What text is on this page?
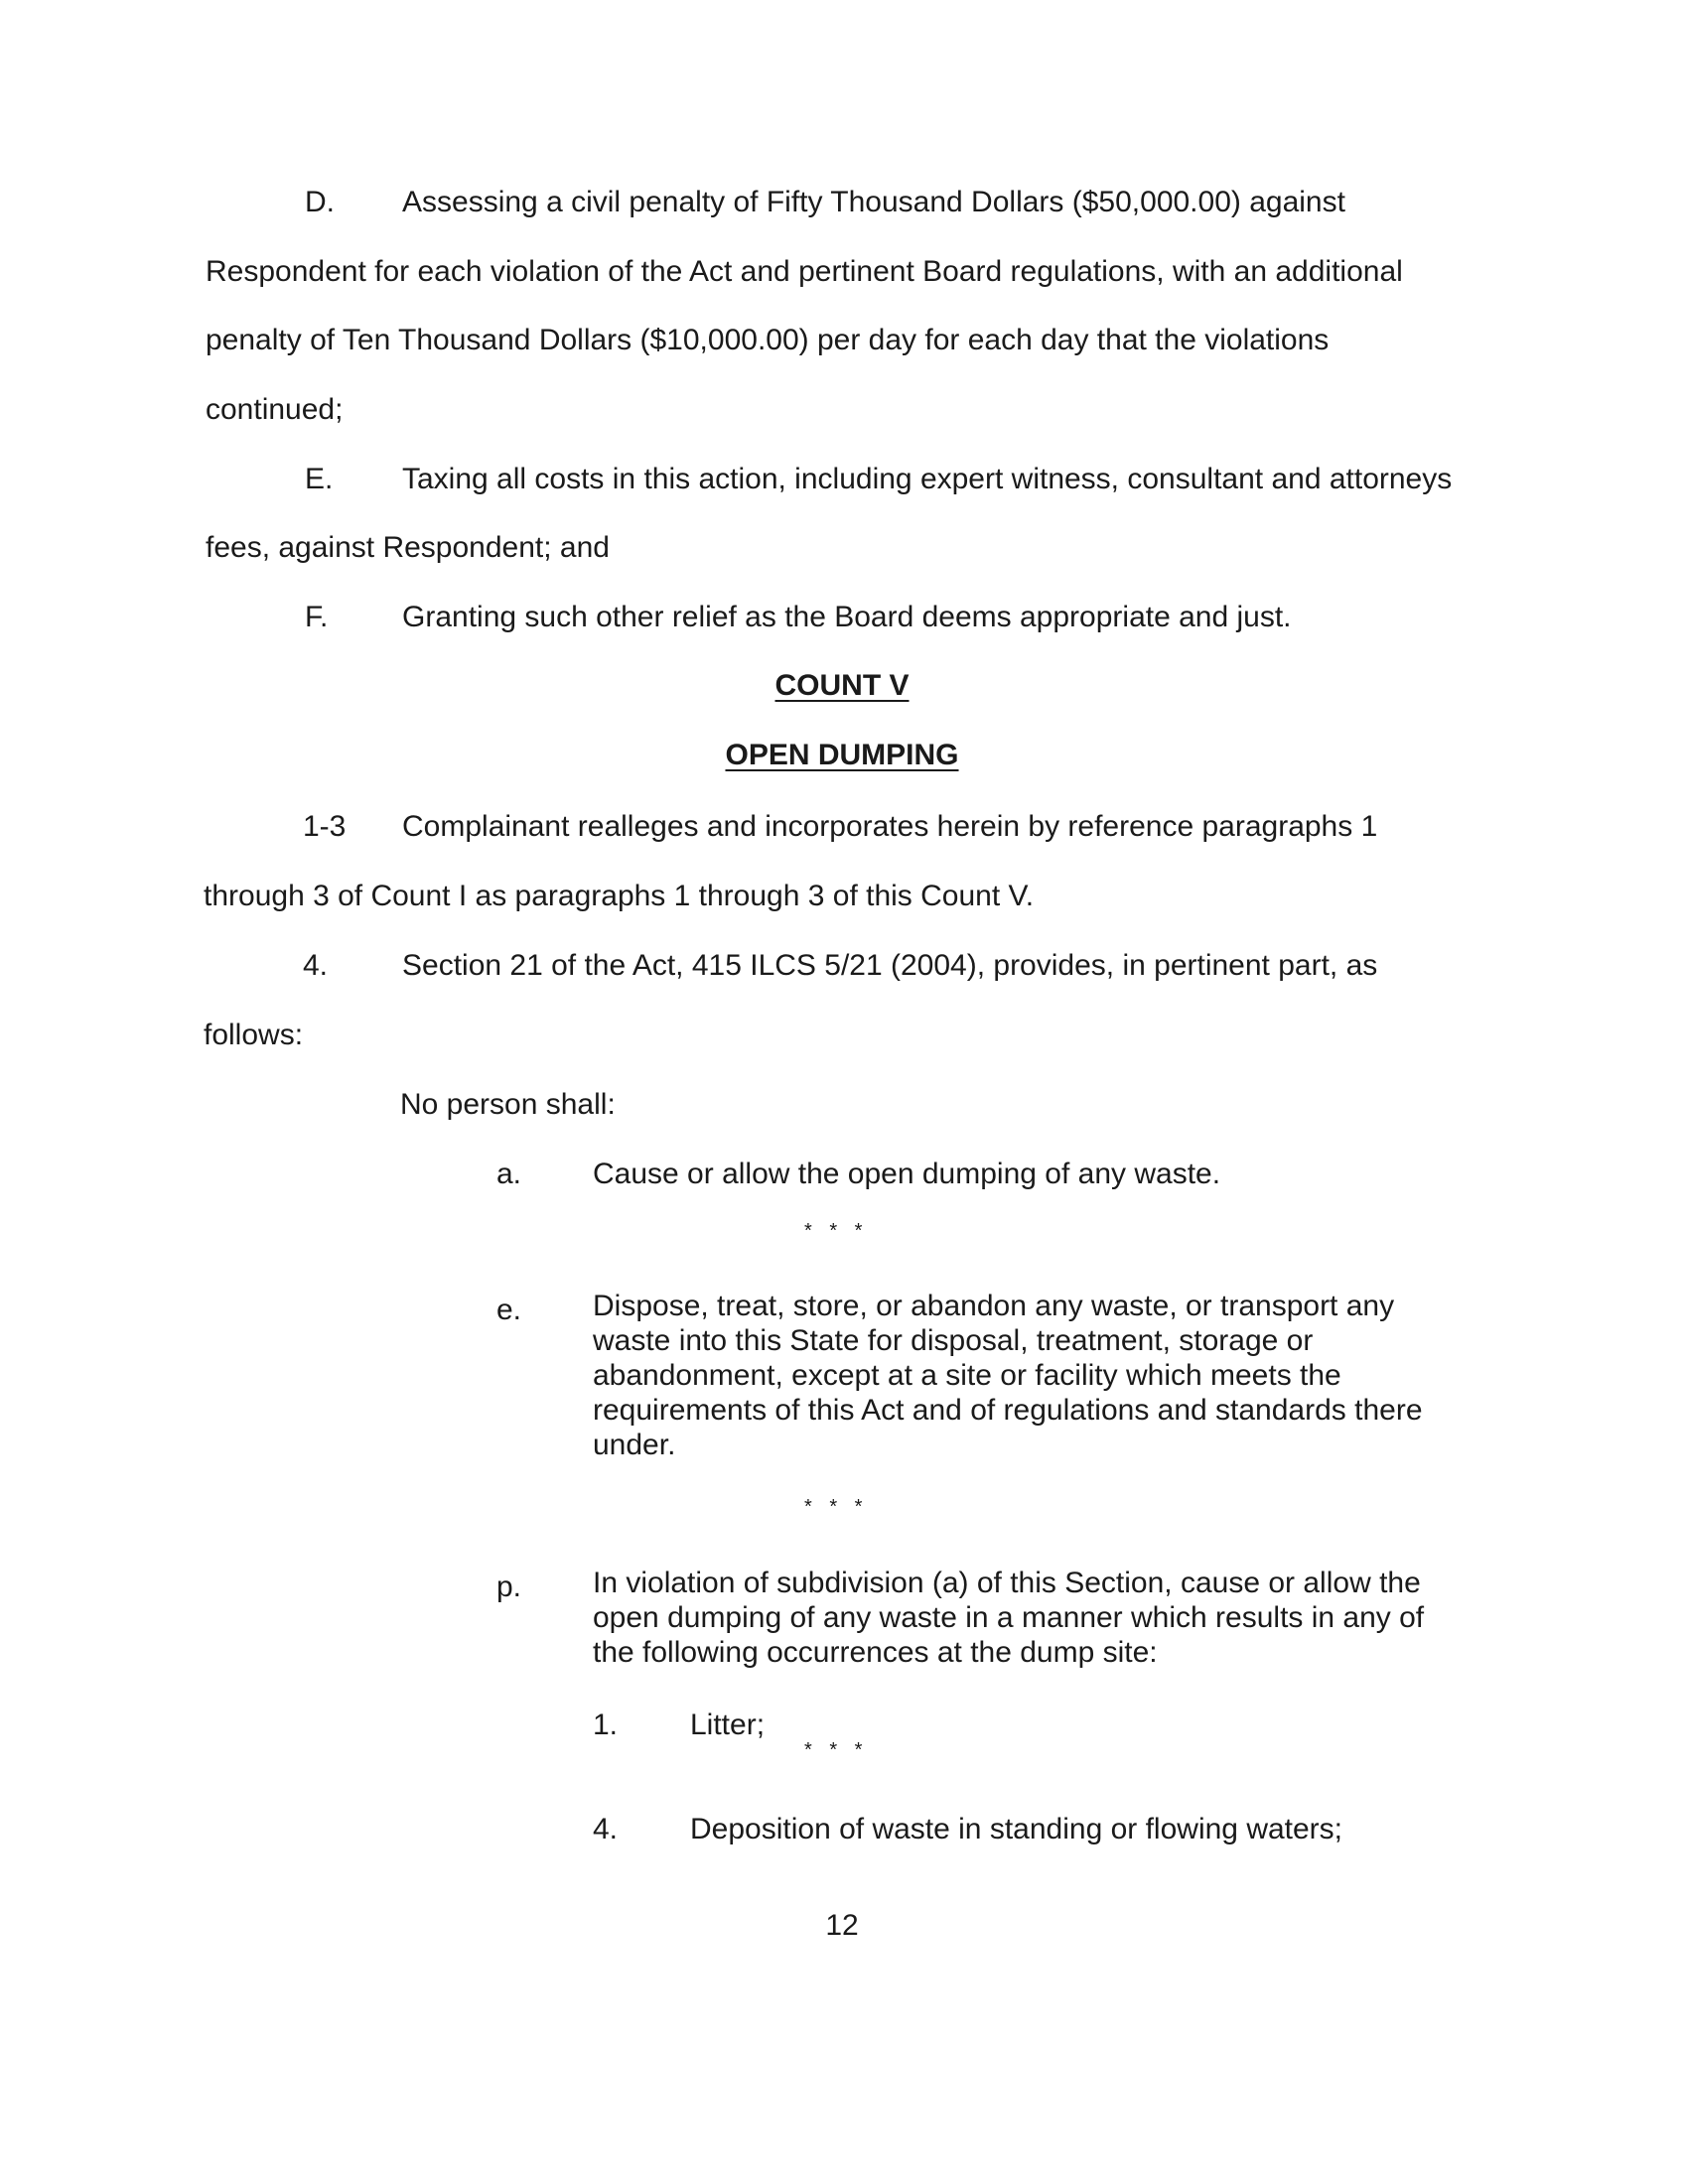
D. Assessing a civil penalty of Fifty Thousand Dollars ($50,000.00) against
Respondent for each violation of the Act and pertinent Board regulations, with an additional
penalty of Ten Thousand Dollars ($10,000.00) per day for each day that the violations
continued;
E. Taxing all costs in this action, including expert witness, consultant and attorneys
fees, against Respondent; and
F. Granting such other relief as the Board deems appropriate and just.
COUNT V
OPEN DUMPING
1-3 Complainant realleges and incorporates herein by reference paragraphs 1
through 3 of Count I as paragraphs 1 through 3 of this Count V.
4. Section 21 of the Act, 415 ILCS 5/21 (2004), provides, in pertinent part, as
follows:
No person shall:
a. Cause or allow the open dumping of any waste.
* * *
e. Dispose, treat, store, or abandon any waste, or transport any waste into this State for disposal, treatment, storage or abandonment, except at a site or facility which meets the requirements of this Act and of regulations and standards there under.
* * *
p. In violation of subdivision (a) of this Section, cause or allow the open dumping of any waste in a manner which results in any of the following occurrences at the dump site:
1. Litter;
* * *
4. Deposition of waste in standing or flowing waters;
12
